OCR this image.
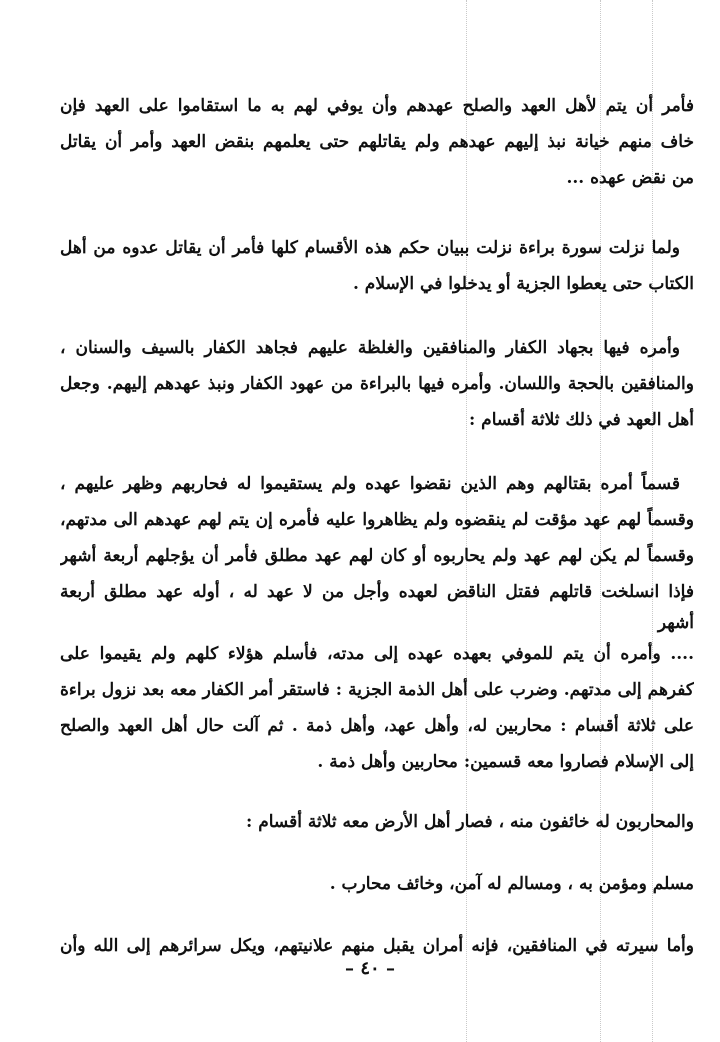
فأمر أن يتم لأهل العهد والصلح عهدهم وأن يوفي لهم به ما استقاموا على العهد فإن
خاف منهم خيانة نبذ إليهم عهدهم ولم يقاتلهم حتى يعلمهم بنقض العهد وأمر أن يقاتل
من نقض عهده ...
ولما نزلت سورة براءة نزلت ببيان حكم هذه الأقسام كلها فأمر أن يقاتل عدوه من أهل
الكتاب حتى يعطوا الجزية أو يدخلوا في الإسلام .
وأمره فيها بجهاد الكفار والمنافقين والغلظة عليهم فجاهد الكفار بالسيف والسنان ،
والمنافقين بالحجة واللسان. وأمره فيها بالبراءة من عهود الكفار ونبذ عهدهم إليهم. وجعل
أهل العهد في ذلك ثلاثة أقسام :
قسماً أمره بقتالهم وهم الذين نقضوا عهده ولم يستقيموا له فحاربهم وظهر عليهم ،
وقسماً لهم عهد مؤقت لم ينقضوه ولم يظاهروا عليه فأمره إن يتم لهم عهدهم الى مدتهم،
وقسماً لم يكن لهم عهد ولم يحاربوه أو كان لهم عهد مطلق فأمر أن يؤجلهم أربعة أشهر
فإذا انسلخت قاتلهم فقتل الناقض لعهده وأجل من لا عهد له ، أوله عهد مطلق أربعة
أشهر
.... وأمره أن يتم للموفي بعهده عهده إلى مدته، فأسلم هؤلاء كلهم ولم يقيموا على
كفرهم إلى مدتهم. وضرب على أهل الذمة الجزية : فاستقر أمر الكفار معه بعد نزول براءة
على ثلاثة أقسام : محاربين له، وأهل عهد، وأهل ذمة . ثم آلت حال أهل العهد والصلح
إلى الإسلام فصاروا معه قسمين: محاربين وأهل ذمة .
والمحاربون له خائفون منه ، فصار أهل الأرض معه ثلاثة أقسام :
مسلم ومؤمن به ، ومسالم له آمن، وخائف محارب .
وأما سيرته في المنافقين، فإنه أمران يقبل منهم علانيتهم، ويكل سرائرهم إلى الله وأن
– ٤٠ –
